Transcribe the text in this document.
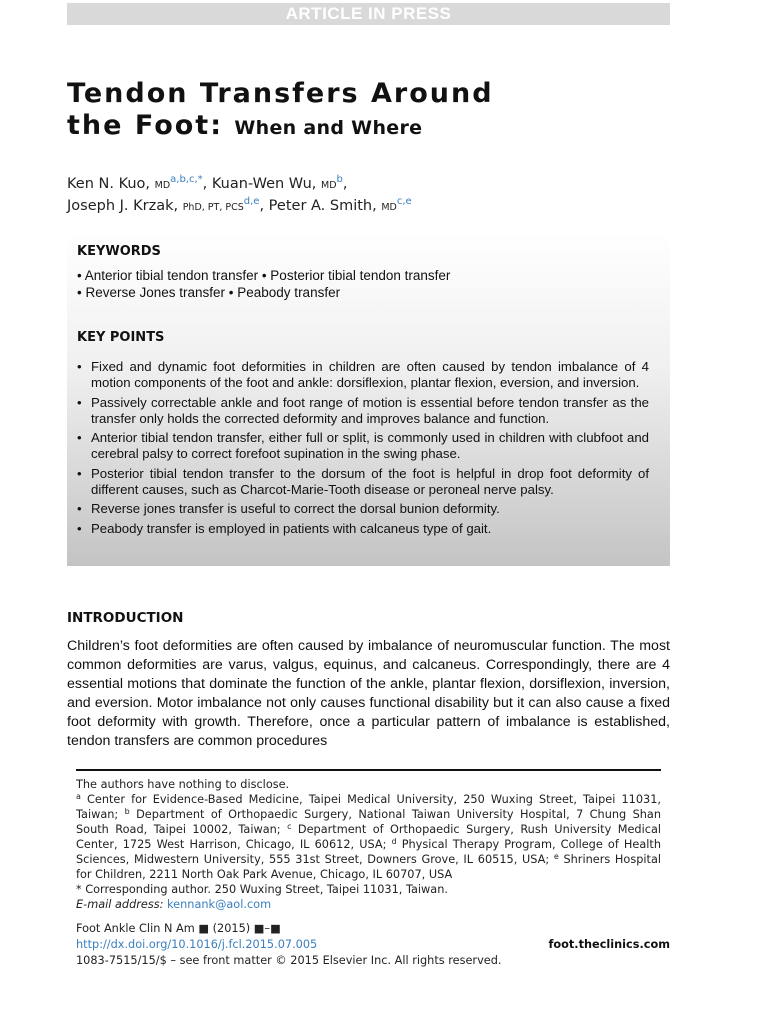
ARTICLE IN PRESS
Tendon Transfers Around
the Foot: When and Where
Ken N. Kuo, $MD^{a,b,c,*}$, Kuan-Wen Wu, $MD^b$,
Joseph J. Krzak, PhD, PT, PCS$^{d,e}$, Peter A. Smith, MD$^{c,e}$
KEYWORDS
• Anterior tibial tendon transfer • Posterior tibial tendon transfer
• Reverse Jones transfer • Peabody transfer
KEY POINTS
• Fixed and dynamic foot deformities in children are often caused by tendon imbalance of 4 motion components of the foot and ankle: dorsiflexion, plantar flexion, eversion, and inversion.
• Passively correctable ankle and foot range of motion is essential before tendon transfer as the transfer only holds the corrected deformity and improves balance and function.
• Anterior tibial tendon transfer, either full or split, is commonly used in children with clubfoot and cerebral palsy to correct forefoot supination in the swing phase.
• Posterior tibial tendon transfer to the dorsum of the foot is helpful in drop foot deformity of different causes, such as Charcot-Marie-Tooth disease or peroneal nerve palsy.
• Reverse jones transfer is useful to correct the dorsal bunion deformity.
• Peabody transfer is employed in patients with calcaneus type of gait.
INTRODUCTION

Children’s foot deformities are often caused by imbalance of neuromuscular function. The most common deformities are varus, valgus, equinus, and calcaneus. Correspondingly, there are 4 essential motions that dominate the function of the ankle, plantar flexion, dorsiflexion, inversion, and eversion. Motor imbalance not only causes functional disability but it can also cause a fixed foot deformity with growth. Therefore, once a particular pattern of imbalance is established, tendon transfers are common procedures

The authors have nothing to disclose.
$^a$ Center for Evidence-Based Medicine, Taipei Medical University, 250 Wuxing Street, Taipei 11031, Taiwan; $^b$ Department of Orthopaedic Surgery, National Taiwan University Hospital, 7 Chung Shan South Road, Taipei 10002, Taiwan; $^c$ Department of Orthopaedic Surgery, Rush University Medical Center, 1725 West Harrison, Chicago, IL 60612, USA; $^d$ Physical Therapy Program, College of Health Sciences, Midwestern University, 555 31st Street, Downers Grove, IL 60515, USA; $^e$ Shriners Hospital for Children, 2211 North Oak Park Avenue, Chicago, IL 60707, USA
* Corresponding author. 250 Wuxing Street, Taipei 11031, Taiwan.
E-mail address: kennank@aol.com
Foot Ankle Clin N Am ■ (2015) ■–■
http://dx.doi.org/10.1016/j.fcl.2015.07.005	foot.theclinics.com
1083-7515/15/$ – see front matter © 2015 Elsevier Inc. All rights reserved.
